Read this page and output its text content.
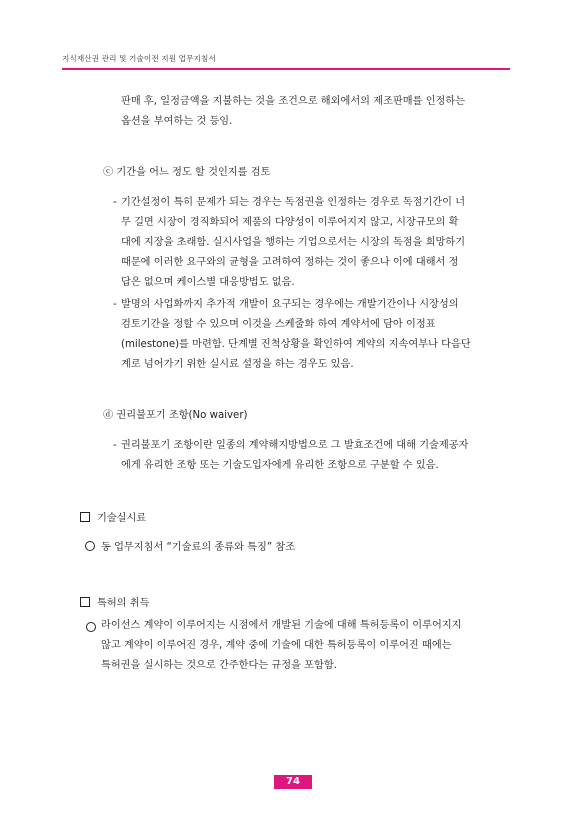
지식재산권 관리 및 기술이전 지원 업무지침서
판매 후, 일정금액을 지불하는 것을 조건으로 해외에서의 제조판매를 인정하는
옵션을 부여하는 것 등임.
ⓒ 기간을 어느 정도 할 것인지를 검토
- 기간설정이 특히 문제가 되는 경우는 독점권을 인정하는 경우로 독점기간이 너
무 길면 시장이 경직화되어 제품의 다양성이 이루어지지 않고, 시장규모의 확
대에 지장을 초래함. 실시사업을 행하는 기업으로서는 시장의 독점을 희망하기
때문에 이러한 요구와의 균형을 고려하여 정하는 것이 좋으나 이에 대해서 정
답은 없으며 케이스별 대응방법도 없음.
- 발명의 사업화까지 추가적 개발이 요구되는 경우에는 개발기간이나 시장성의
검토기간을 정할 수 있으며 이것을 스케줄화 하여 계약서에 담아 이정표
(milestone)를 마련함. 단계별 진척상황을 확인하여 계약의 지속여부나 다음단
계로 넘어가기 위한 실시료 설정을 하는 경우도 있음.
ⓓ 권리불포기 조항(No waiver)
- 권리불포기 조항이란 일종의 계약해지방법으로 그 발효조건에 대해 기술제공자
에게 유리한 조항 또는 기술도입자에게 유리한 조항으로 구분할 수 있음.
기술실시료
동 업무지침서 “기술료의 종류와 특징” 참조
특허의 취득
라이선스 계약이 이루어지는 시점에서 개발된 기술에 대해 특허등록이 이루어지지
않고 계약이 이루어진 경우, 계약 중에 기술에 대한 특허등록이 이루어진 때에는
특허권을 실시하는 것으로 간주한다는 규정을 포함함.
74
